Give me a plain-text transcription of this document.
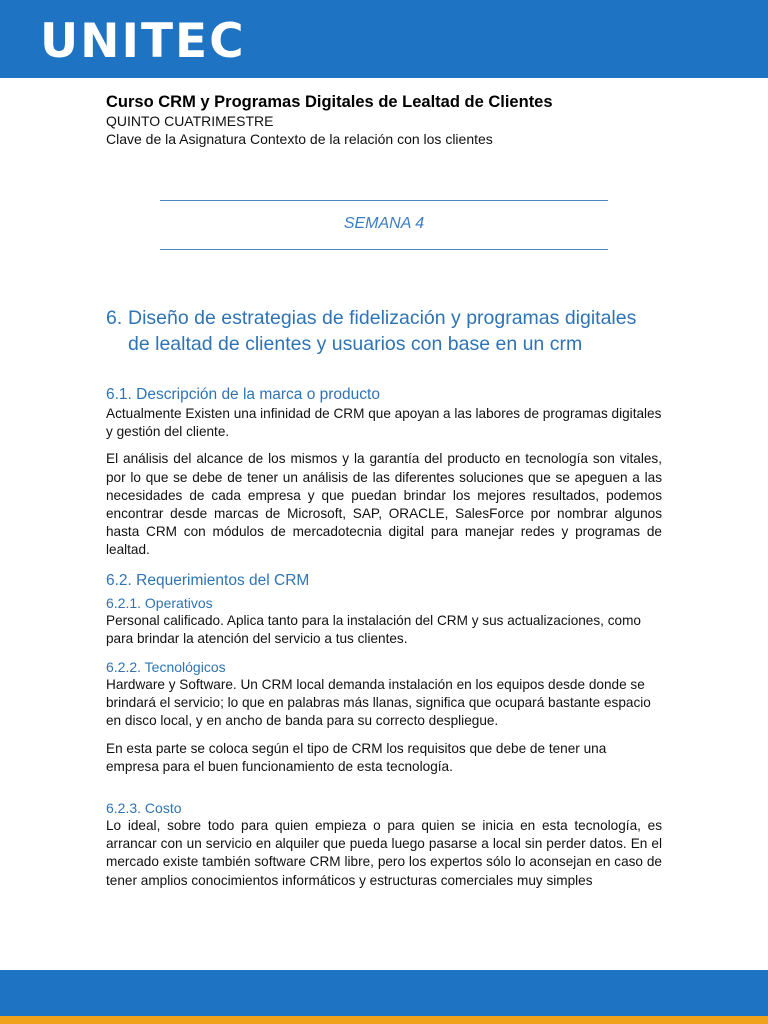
UNITEC
Curso CRM y Programas Digitales de Lealtad de Clientes
QUINTO CUATRIMESTRE
Clave de la Asignatura Contexto de la relación con los clientes
SEMANA 4
6. Diseño de estrategias de fidelización y programas digitales
de lealtad de clientes y usuarios con base en un crm
6.1. Descripción de la marca o producto

Actualmente Existen una infinidad de CRM que apoyan a las labores de programas digitales y gestión del cliente.

El análisis del alcance de los mismos y la garantía del producto en tecnología son vitales, por lo que se debe de tener un análisis de las diferentes soluciones que se apeguen a las necesidades de cada empresa y que puedan brindar los mejores resultados, podemos encontrar desde marcas de Microsoft, SAP, ORACLE, SalesForce por nombrar algunos hasta CRM con módulos de mercadotecnia digital para manejar redes y programas de lealtad.

6.2. Requerimientos del CRM
6.2.1. Operativos

Personal calificado. Aplica tanto para la instalación del CRM y sus actualizaciones, como para brindar la atención del servicio a tus clientes.

6.2.2. Tecnológicos

Hardware y Software. Un CRM local demanda instalación en los equipos desde donde se brindará el servicio; lo que en palabras más llanas, significa que ocupará bastante espacio en disco local, y en ancho de banda para su correcto despliegue.

En esta parte se coloca según el tipo de CRM los requisitos que debe de tener una empresa para el buen funcionamiento de esta tecnología.

6.2.3. Costo

Lo ideal, sobre todo para quien empieza o para quien se inicia en esta tecnología, es arrancar con un servicio en alquiler que pueda luego pasarse a local sin perder datos. En el mercado existe también software CRM libre, pero los expertos sólo lo aconsejan en caso de tener amplios conocimientos informáticos y estructuras comerciales muy simples
